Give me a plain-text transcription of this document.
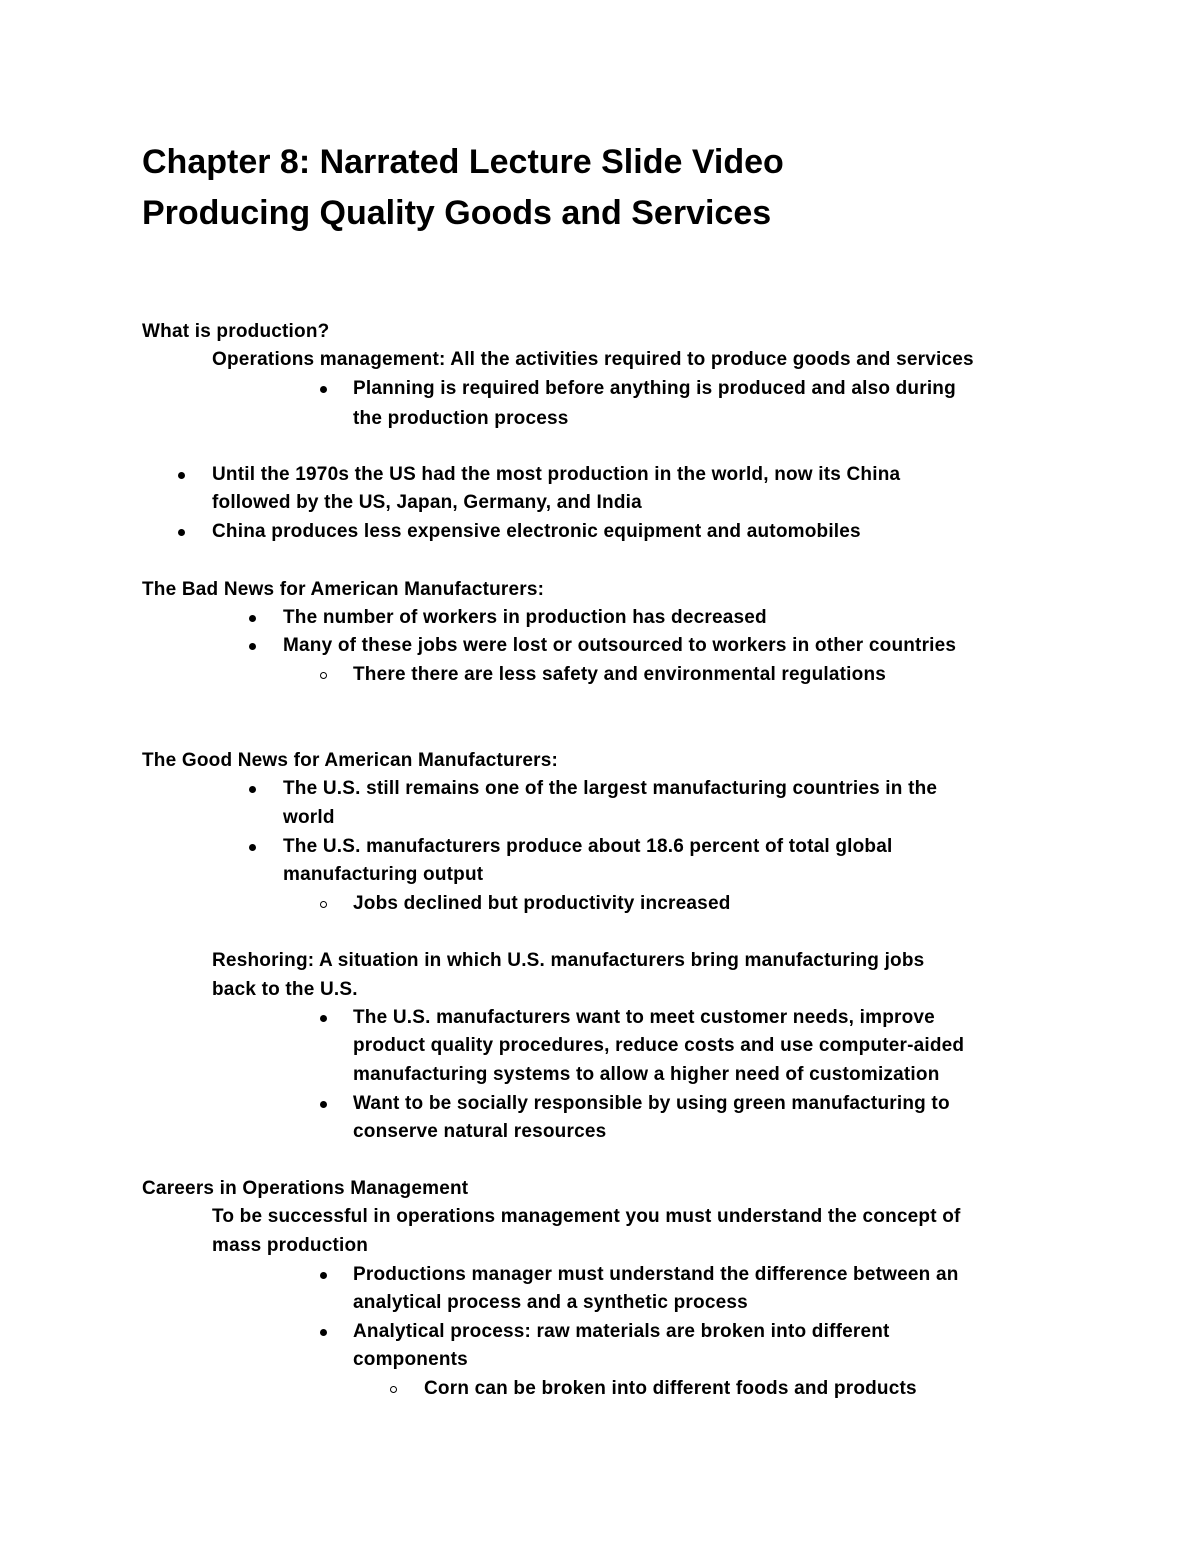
Chapter 8: Narrated Lecture Slide Video
Producing Quality Goods and Services
What is production?
Operations management: All the activities required to produce goods and services
Planning is required before anything is produced and also during
the production process
Until the 1970s the US had the most production in the world, now its China
followed by the US, Japan, Germany, and India
China produces less expensive electronic equipment and automobiles
The Bad News for American Manufacturers:
The number of workers in production has decreased
Many of these jobs were lost or outsourced to workers in other countries
There there are less safety and environmental regulations
The Good News for American Manufacturers:
The U.S. still remains one of the largest manufacturing countries in the
world
The U.S. manufacturers produce about 18.6 percent of total global
manufacturing output
Jobs declined but productivity increased
Reshoring: A situation in which U.S. manufacturers bring manufacturing jobs
back to the U.S.
The U.S. manufacturers want to meet customer needs, improve
product quality procedures, reduce costs and use computer-aided
manufacturing systems to allow a higher need of customization
Want to be socially responsible by using green manufacturing to
conserve natural resources
Careers in Operations Management
To be successful in operations management you must understand the concept of
mass production
Productions manager must understand the difference between an
analytical process and a synthetic process
Analytical process: raw materials are broken into different
components
Corn can be broken into different foods and products
